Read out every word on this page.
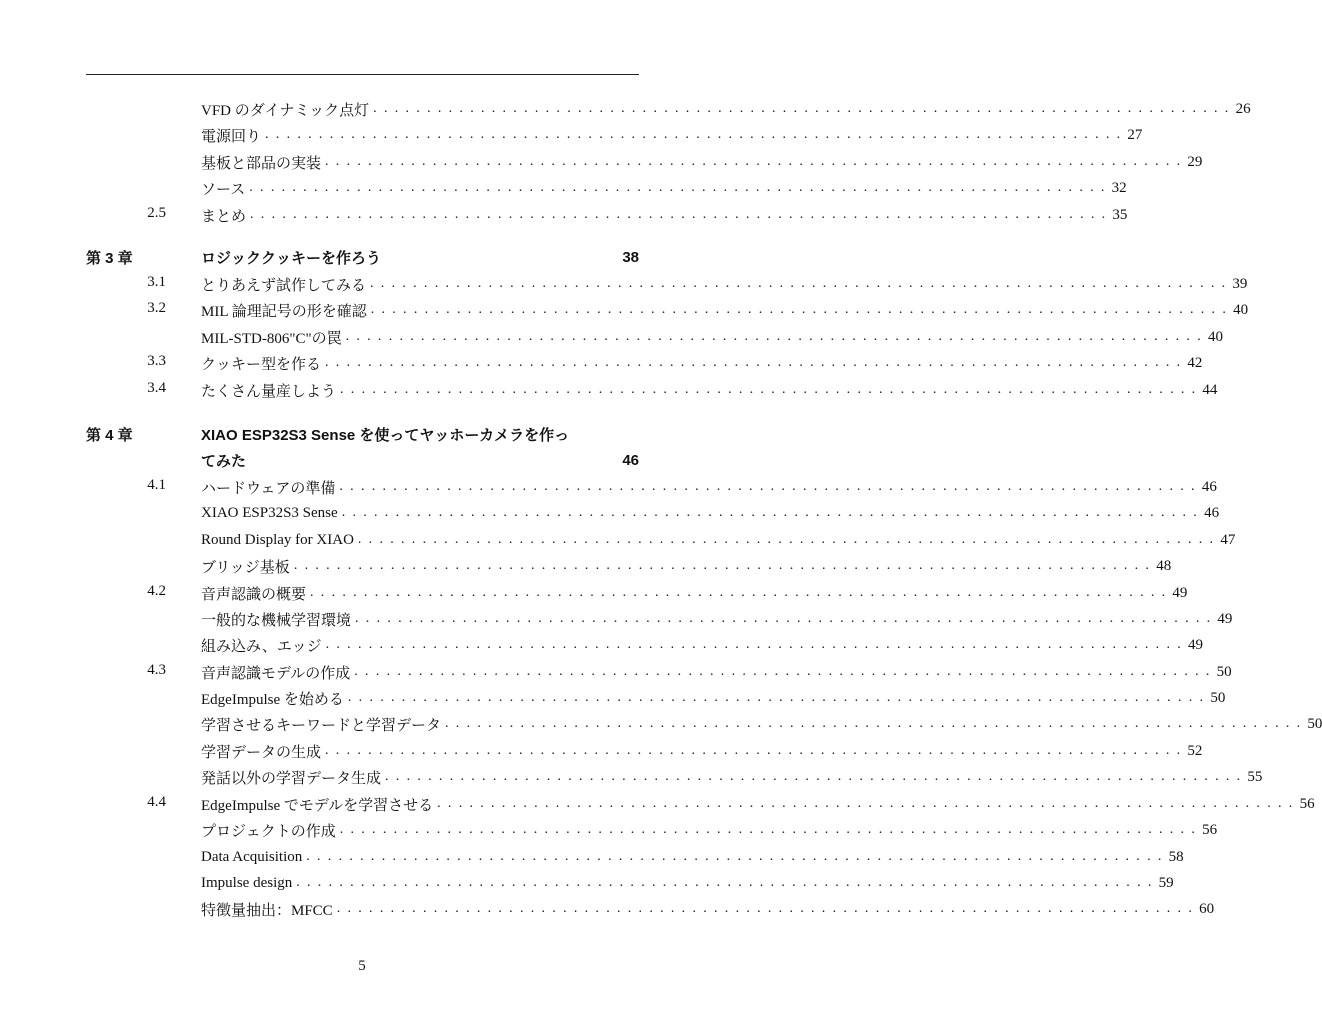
VFD のダイナミック点灯 ................................................................................ 26
電源回り ................................................................................ 27
基板と部品の実装 ................................................................................ 29
ソース ................................................................................ 32
2.5 まとめ ................................................................................ 35
第 3 章	ロジッククッキーを作ろう	38
3.1 とりあえず試作してみる ................................................................................ 39
3.2 MIL 論理記号の形を確認 ................................................................................ 40
MIL-STD-806"C"の罠 ................................................................................ 40
3.3 クッキー型を作る ................................................................................ 42
3.4 たくさん量産しよう ................................................................................ 44
第 4 章	XIAO ESP32S3 Sense を使ってヤッホーカメラを作っ
てみた	46
4.1 ハードウェアの準備 ................................................................................ 46
XIAO ESP32S3 Sense ................................................................................ 46
Round Display for XIAO ................................................................................ 47
ブリッジ基板 ................................................................................ 48
4.2 音声認識の概要 ................................................................................ 49
一般的な機械学習環境 ................................................................................ 49
組み込み、エッジ ................................................................................ 49
4.3 音声認識モデルの作成 ................................................................................ 50
EdgeImpulse を始める ................................................................................ 50
学習させるキーワードと学習データ ................................................................................ 50
学習データの生成 ................................................................................ 52
発話以外の学習データ生成 ................................................................................ 55
4.4 EdgeImpulse でモデルを学習させる ................................................................................ 56
プロジェクトの作成 ................................................................................ 56
Data Acquisition ................................................................................ 58
Impulse design ................................................................................ 59
特徴量抽出：MFCC ................................................................................ 60
5
